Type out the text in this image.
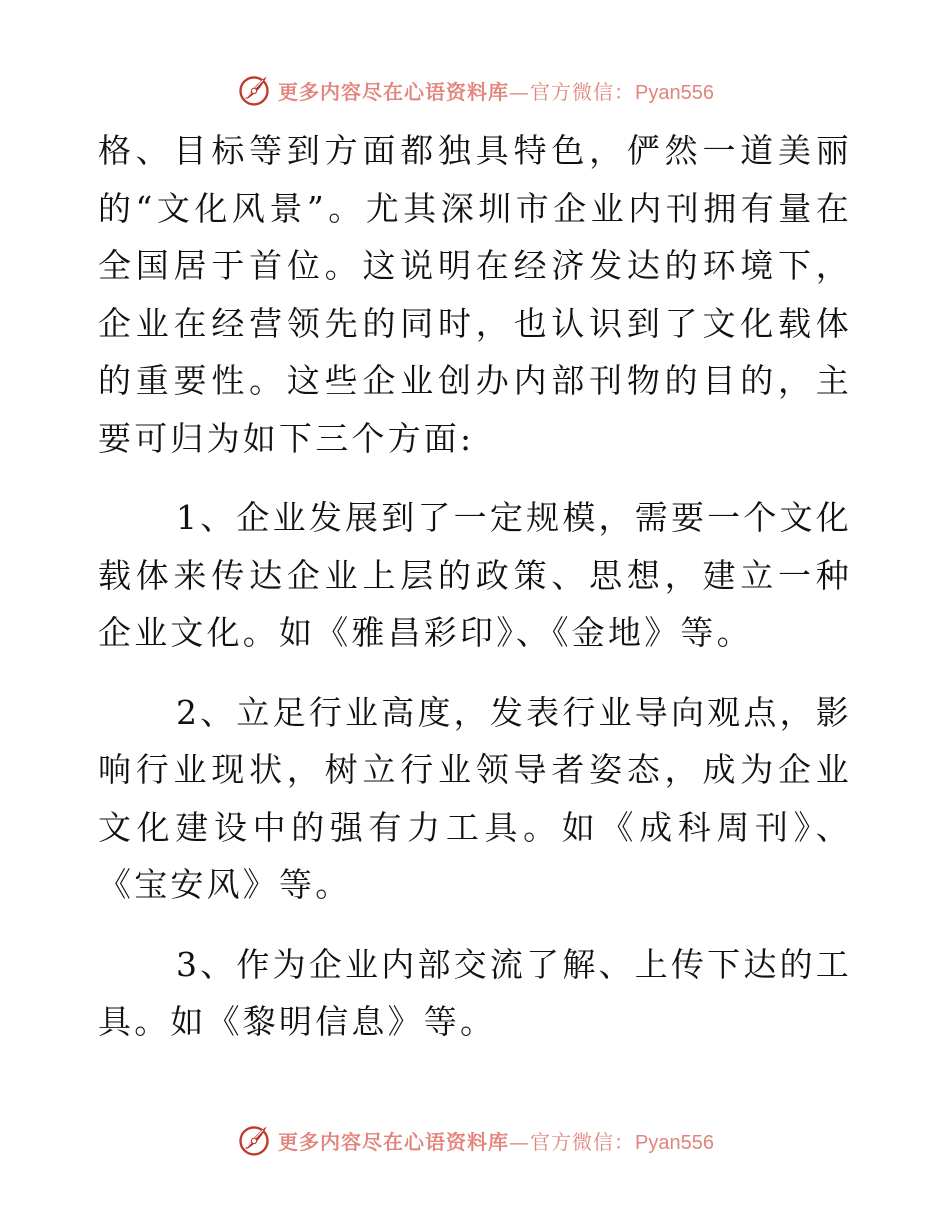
更多内容尽在心语资料库—官方微信：Pyan556

格、目标等到方面都独具特色，俨然一道美丽的“文化风景”。尤其深圳市企业内刊拥有量在全国居于首位。这说明在经济发达的环境下，企业在经营领先的同时，也认识到了文化载体的重要性。这些企业创办内部刊物的目的，主要可归为如下三个方面:

1、企业发展到了一定规模，需要一个文化载体来传达企业上层的政策、思想，建立一种企业文化。如《雅昌彩印》、《金地》等。

2、立足行业高度，发表行业导向观点，影响行业现状，树立行业领导者姿态，成为企业文化建设中的强有力工具。如《成科周刊》、《宝安风》等。

3、作为企业内部交流了解、上传下达的工具。如《黎明信息》等。

更多内容尽在心语资料库—官方微信：Pyan556
